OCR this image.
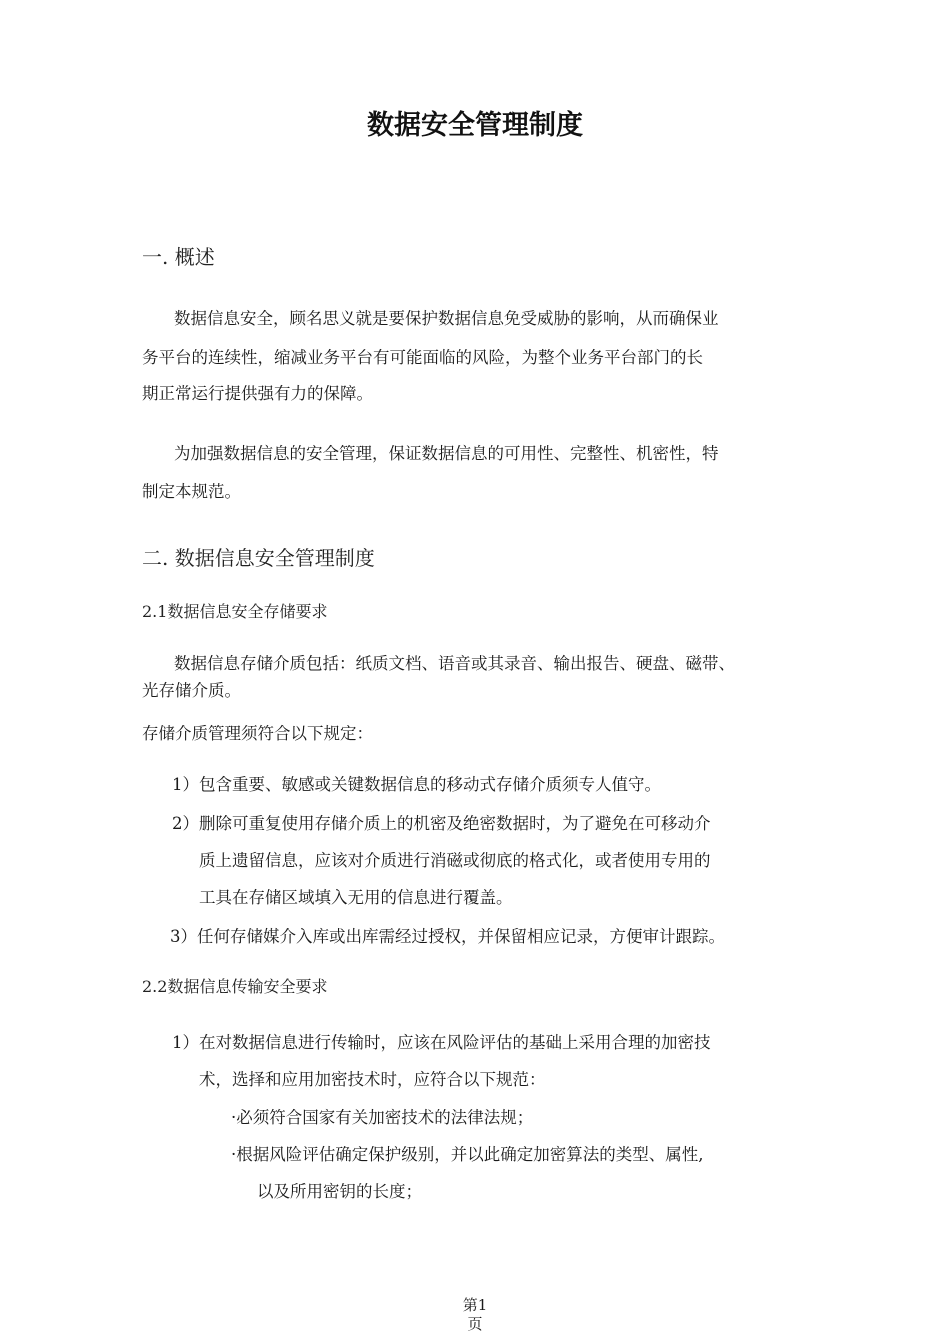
数据安全管理制度
一. 概述
数据信息安全，顾名思义就是要保护数据信息免受威胁的影响，从而确保业
务平台的连续性，缩减业务平台有可能面临的风险，为整个业务平台部门的长
期正常运行提供强有力的保障。
为加强数据信息的安全管理，保证数据信息的可用性、完整性、机密性，特
制定本规范。
二. 数据信息安全管理制度
2.1数据信息安全存储要求
数据信息存储介质包括：纸质文档、语音或其录音、输出报告、硬盘、磁带、
光存储介质。
存储介质管理须符合以下规定：
1）包含重要、敏感或关键数据信息的移动式存储介质须专人值守。
2）删除可重复使用存储介质上的机密及绝密数据时，为了避免在可移动介
质上遗留信息，应该对介质进行消磁或彻底的格式化，或者使用专用的
工具在存储区域填入无用的信息进行覆盖。
3）任何存储媒介入库或出库需经过授权，并保留相应记录，方便审计跟踪。
2.2数据信息传输安全要求
1）在对数据信息进行传输时，应该在风险评估的基础上采用合理的加密技
术，选择和应用加密技术时，应符合以下规范：
·必须符合国家有关加密技术的法律法规；
·根据风险评估确定保护级别，并以此确定加密算法的类型、属性,
以及所用密钥的长度；
第1
页
